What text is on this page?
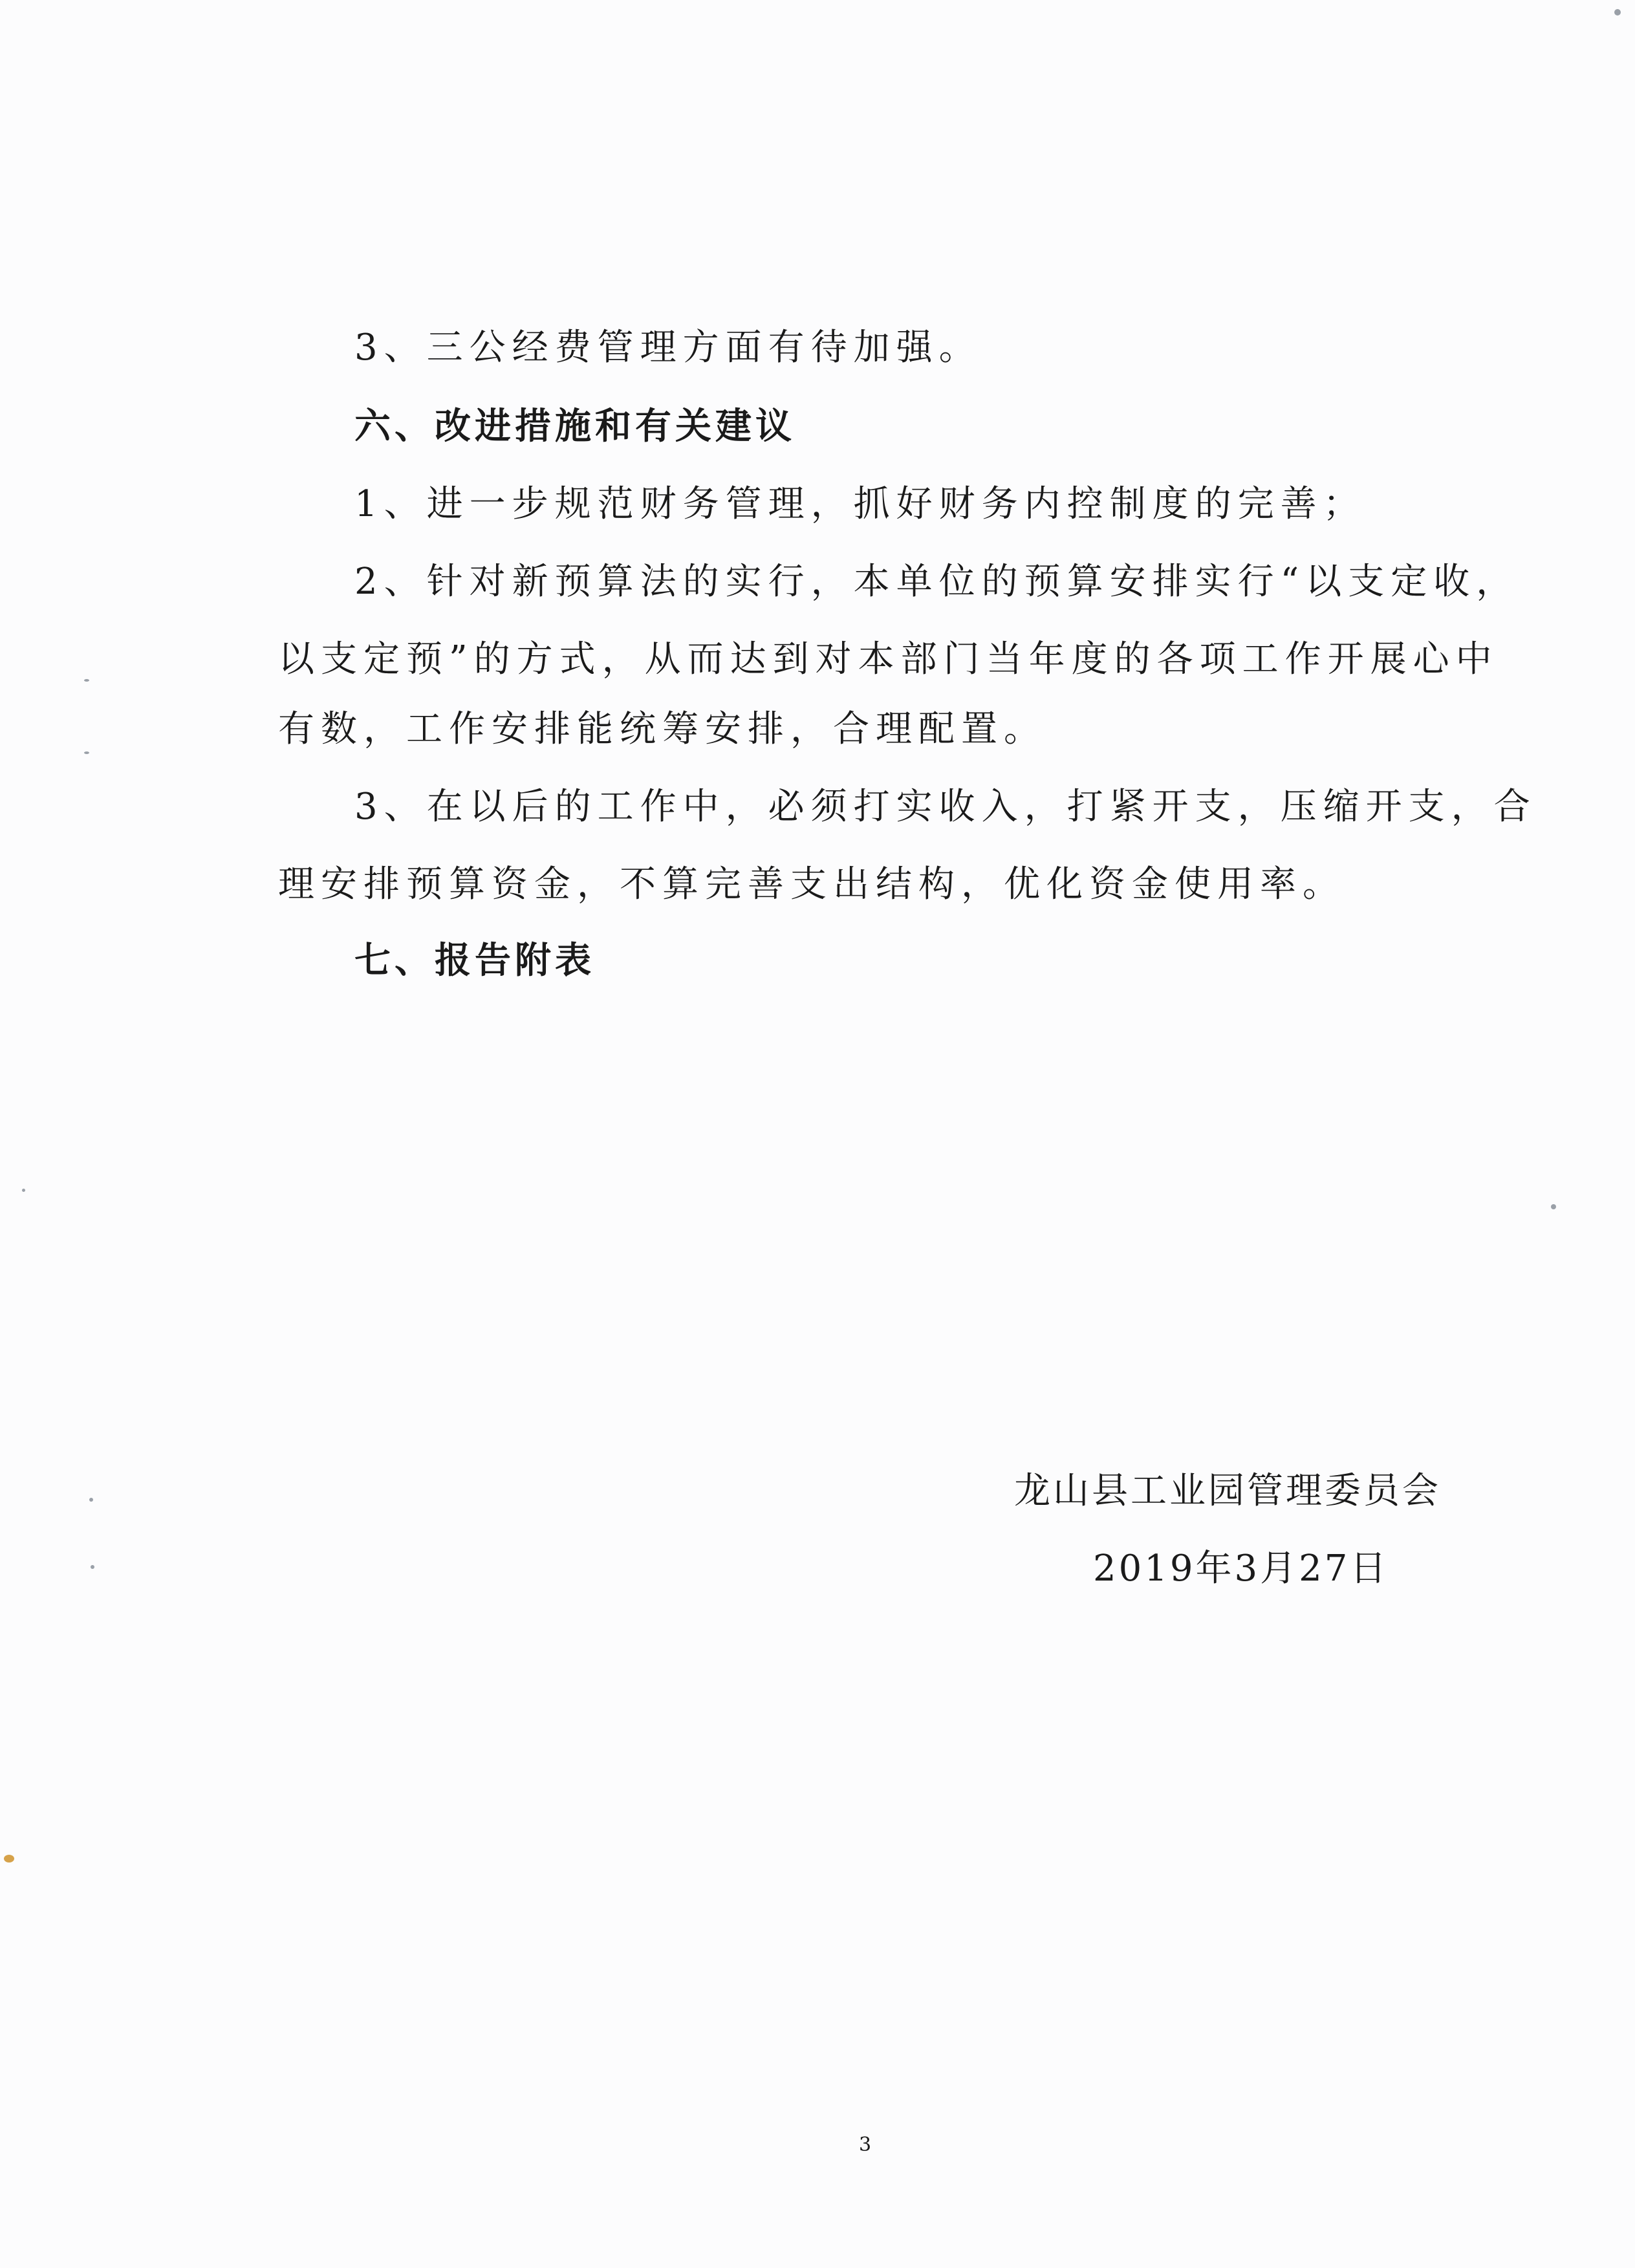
3、三公经费管理方面有待加强。
六、改进措施和有关建议
1、进一步规范财务管理，抓好财务内控制度的完善；
2、针对新预算法的实行，本单位的预算安排实行“以支定收，
以支定预”的方式，从而达到对本部门当年度的各项工作开展心中
有数，工作安排能统筹安排，合理配置。
3、在以后的工作中，必须打实收入，打紧开支，压缩开支，合
理安排预算资金，不算完善支出结构，优化资金使用率。
七、报告附表
龙山县工业园管理委员会
2019年3月27日
3
